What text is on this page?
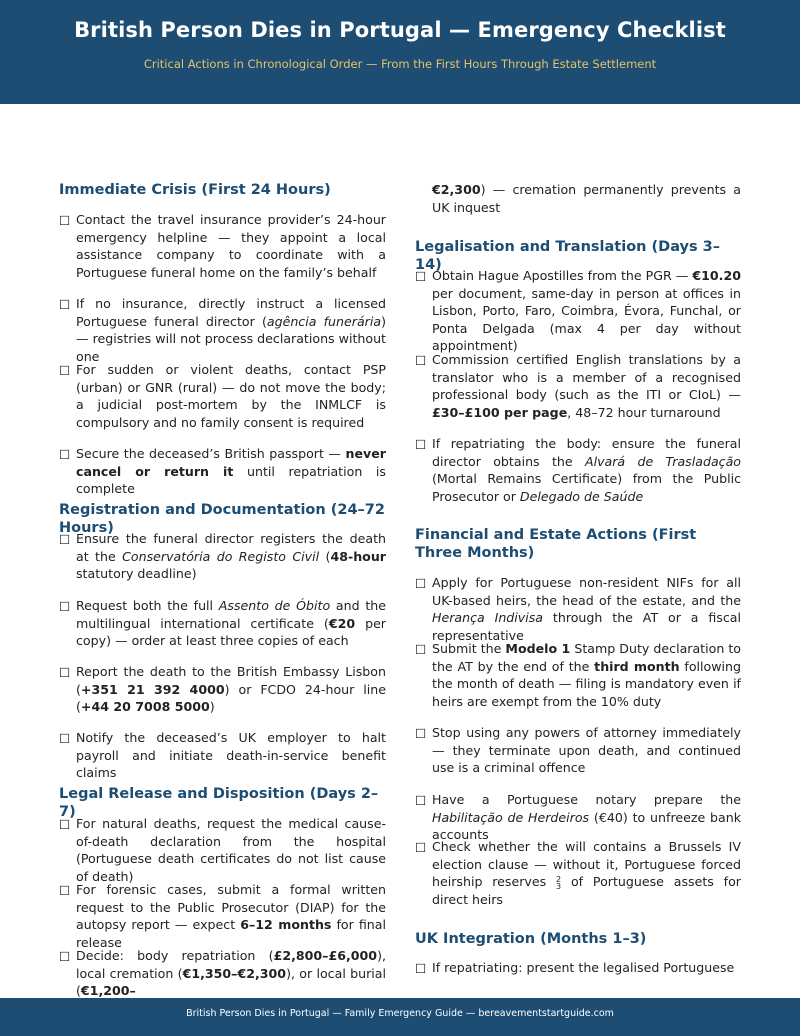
British Person Dies in Portugal — Emergency Checklist
Critical Actions in Chronological Order — From the First Hours Through Estate Settlement
Immediate Crisis (First 24 Hours)
☐ Contact the travel insurance provider’s 24-hour emergency helpline — they appoint a local assistance company to coordinate with a Portuguese funeral home on the family’s behalf
☐ If no insurance, directly instruct a licensed Portuguese funeral director (agência funerária) — registries will not process declarations without one
☐ For sudden or violent deaths, contact PSP (urban) or GNR (rural) — do not move the body; a judicial post-mortem by the INMLCF is compulsory and no family consent is required
☐ Secure the deceased’s British passport — never cancel or return it until repatriation is complete
Registration and Documentation (24–72 Hours)
☐ Ensure the funeral director registers the death at the Conservatória do Registo Civil (48-hour statutory deadline)
☐ Request both the full Assento de Óbito and the multilingual international certificate (€20 per copy) — order at least three copies of each
☐ Report the death to the British Embassy Lisbon (+351 21 392 4000) or FCDO 24-hour line (+44 20 7008 5000)
☐ Notify the deceased’s UK employer to halt payroll and initiate death-in-service benefit claims
Legal Release and Disposition (Days 2–7)
☐ For natural deaths, request the medical cause-of-death declaration from the hospital (Portuguese death certificates do not list cause of death)
☐ For forensic cases, submit a formal written request to the Public Prosecutor (DIAP) for the autopsy report — expect 6–12 months for final release
☐ Decide: body repatriation (£2,800–£6,000), local cremation (€1,350–€2,300), or local burial (€1,200–
€2,300) — cremation permanently prevents a UK inquest
Legalisation and Translation (Days 3–14)
☐ Obtain Hague Apostilles from the PGR — €10.20 per document, same-day in person at offices in Lisbon, Porto, Faro, Coimbra, Évora, Funchal, or Ponta Delgada (max 4 per day without appointment)
☐ Commission certified English translations by a translator who is a member of a recognised professional body (such as the ITI or CIoL) — £30–£100 per page, 48–72 hour turnaround
☐ If repatriating the body: ensure the funeral director obtains the Alvará de Trasladação (Mortal Remains Certificate) from the Public Prosecutor or Delegado de Saúde
Financial and Estate Actions (First Three Months)
☐ Apply for Portuguese non-resident NIFs for all UK-based heirs, the head of the estate, and the Herança Indivisa through the AT or a fiscal representative
☐ Submit the Modelo 1 Stamp Duty declaration to the AT by the end of the third month following the month of death — filing is mandatory even if heirs are exempt from the 10% duty
☐ Stop using any powers of attorney immediately — they terminate upon death, and continued use is a criminal offence
☐ Have a Portuguese notary prepare the Habilitação de Herdeiros (€40) to unfreeze bank accounts
☐ Check whether the will contains a Brussels IV election clause — without it, Portuguese forced heirship reserves 2
3 of Portuguese assets for direct heirs
UK Integration (Months 1–3)
☐ If repatriating: present the legalised Portuguese
British Person Dies in Portugal — Family Emergency Guide — bereavementstartguide.com
